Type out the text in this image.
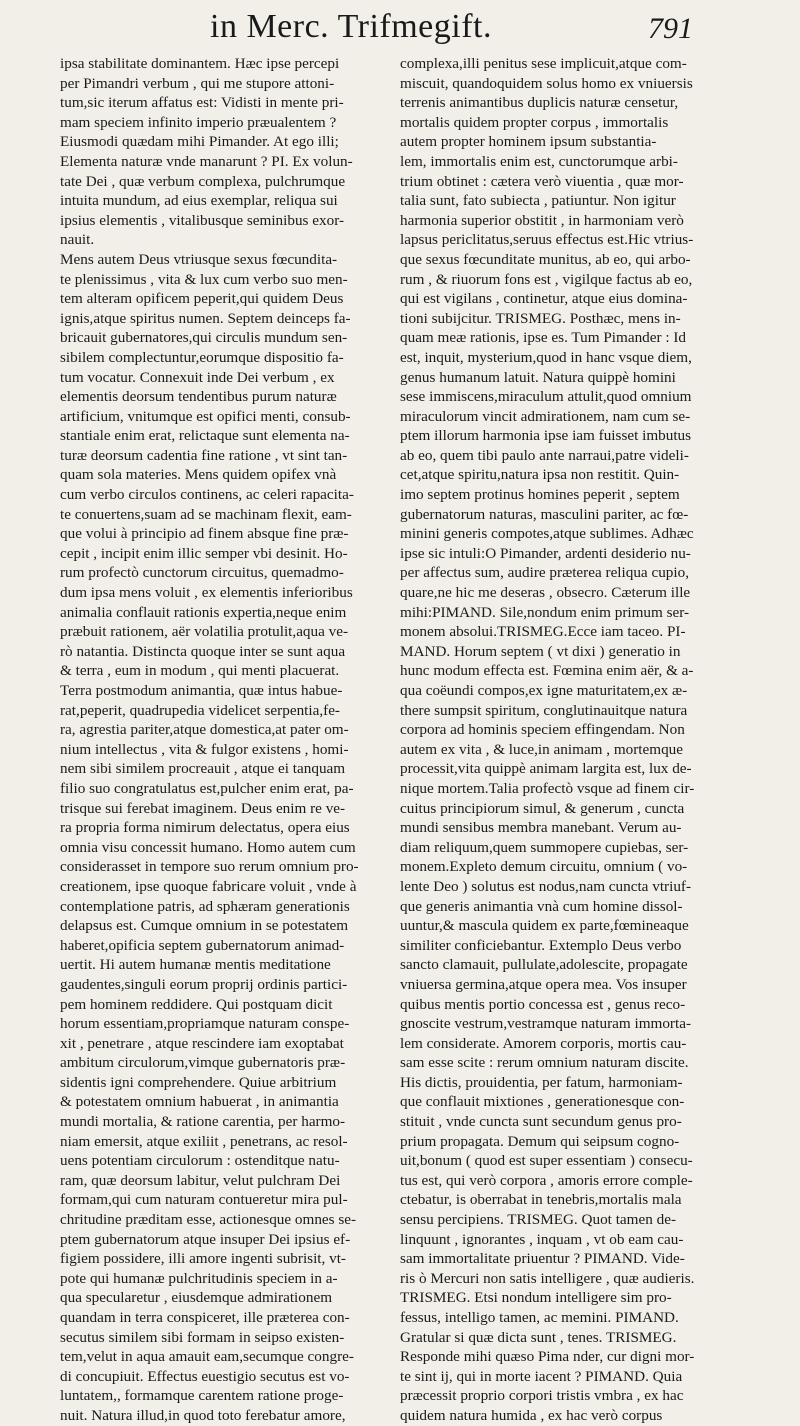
in Merc. Trifmegift.	791
ipsa stabilitate dominantem. Hæc ipse percepi
per Pimandri verbum , qui me stupore attoni-
tum,sic iterum affatus est: Vidisti in mente pri-
mam speciem infinito imperio præualentem ?
Eiusmodi quædam mihi Pimander. At ego illi;
Elementa naturæ vnde manarunt ? PI. Ex volun-
tate Dei , quæ verbum complexa, pulchrumque
intuita mundum, ad eius exemplar, reliqua sui
ipsius elementis , vitalibusque seminibus exor-
nauit.
Mens autem Deus vtriusque sexus fœcundita-
te plenissimus , vita & lux cum verbo suo men-
tem alteram opificem peperit,qui quidem Deus
ignis,atque spiritus numen. Septem deinceps fa-
bricauit gubernatores,qui circulis mundum sen-
sibilem complectuntur,eorumque dispositio fa-
tum vocatur. Connexuit inde Dei verbum , ex
elementis deorsum tendentibus purum naturæ
artificium, vnitumque est opifici menti, consub-
stantiale enim erat, relictaque sunt elementa na-
turæ deorsum cadentia fine ratione , vt sint tan-
quam sola materies. Mens quidem opifex vnà
cum verbo circulos continens, ac celeri rapacita-
te conuertens,suam ad se machinam flexit, eam-
que volui à principio ad finem absque fine præ-
cepit , incipit enim illic semper vbi desinit. Ho-
rum profectò cunctorum circuitus, quemadmo-
dum ipsa mens voluit , ex elementis inferioribus
animalia conflauit rationis expertia,neque enim
præbuit rationem, aër volatilia protulit,aqua ve-
rò natantia. Distincta quoque inter se sunt aqua
& terra , eum in modum , qui menti placuerat.
Terra postmodum animantia, quæ intus habue-
rat,peperit, quadrupedia videlicet serpentia,fe-
ra, agrestia pariter,atque domestica,at pater om-
nium intellectus , vita & fulgor existens , homi-
nem sibi similem procreauit , atque ei tanquam
filio suo congratulatus est,pulcher enim erat, pa-
trisque sui ferebat imaginem. Deus enim re ve-
ra propria forma nimirum delectatus, opera eius
omnia visu concessit humano. Homo autem cum
considerasset in tempore suo rerum omnium pro-
creationem, ipse quoque fabricare voluit , vnde à
contemplatione patris, ad sphæram generationis
delapsus est. Cumque omnium in se potestatem
haberet,opificia septem gubernatorum animad-
uertit. Hi autem humanæ mentis meditatione
gaudentes,singuli eorum proprij ordinis partici-
pem hominem reddidere. Qui postquam dicit
horum essentiam,propriamque naturam conspe-
xit , penetrare , atque rescindere iam exoptabat
ambitum circulorum,vimque gubernatoris præ-
sidentis igni comprehendere. Quiue arbitrium
& potestatem omnium habuerat , in animantia
mundi mortalia, & ratione carentia, per harmo-
niam emersit, atque exiliit , penetrans, ac resol-
uens potentiam circulorum : ostenditque natu-
ram, quæ deorsum labitur, velut pulchram Dei
formam,qui cum naturam contueretur mira pul-
chritudine præditam esse, actionesque omnes se-
ptem gubernatorum atque insuper Dei ipsius ef-
figiem possidere, illi amore ingenti subrisit, vt-
pote qui humanæ pulchritudinis speciem in a-
qua specularetur , eiusdemque admirationem
quandam in terra conspiceret, ille præterea con-
secutus similem sibi formam in seipso existen-
tem,velut in aqua amauit eam,secumque congre-
di concupiuit. Effectus euestigio secutus est vo-
luntatem,, formamque carentem ratione proge-
nuit. Natura illud,in quod toto ferebatur amore,
complexa,illi penitus sese implicuit,atque com-
miscuit, quandoquidem solus homo ex vniuersis
terrenis animantibus duplicis naturæ censetur,
mortalis quidem propter corpus , immortalis
autem propter hominem ipsum substantia-
lem, immortalis enim est, cunctorumque arbi-
trium obtinet : cætera verò viuentia , quæ mor-
talia sunt, fato subiecta , patiuntur. Non igitur
harmonia superior obstitit , in harmoniam verò
lapsus periclitatus,seruus effectus est.Hic vtrius-
que sexus fœcunditate munitus, ab eo, qui arbo-
rum , & riuorum fons est , vigilque factus ab eo,
qui est vigilans , continetur, atque eius domina-
tioni subijcitur. TRISMEG. Posthæc, mens in-
quam meæ rationis, ipse es. Tum Pimander : Id
est, inquit, mysterium,quod in hanc vsque diem,
genus humanum latuit. Natura quippè homini
sese immiscens,miraculum attulit,quod omnium
miraculorum vincit admirationem, nam cum se-
ptem illorum harmonia ipse iam fuisset imbutus
ab eo, quem tibi paulo ante narraui,patre videli-
cet,atque spiritu,natura ipsa non restitit. Quin-
imo septem protinus homines peperit , septem
gubernatorum naturas, masculini pariter, ac fœ-
minini generis compotes,atque sublimes. Adhæc
ipse sic intuli:O Pimander, ardenti desiderio nu-
per affectus sum, audire præterea reliqua cupio,
quare,ne hic me deseras , obsecro. Cæterum ille
mihi:PIMAND. Sile,nondum enim primum ser-
monem absolui.TRISMEG.Ecce iam taceo. PI-
MAND. Horum septem ( vt dixi ) generatio in
hunc modum effecta est. Fœmina enim aër, & a-
qua coëundi compos,ex igne maturitatem,ex æ-
there sumpsit spiritum, conglutinauitque natura
corpora ad hominis speciem effingendam. Non
autem ex vita , & luce,in animam , mortemque
processit,vita quippè animam largita est, lux de-
nique mortem.Talia profectò vsque ad finem cir-
cuitus principiorum simul, & generum , cuncta
mundi sensibus membra manebant. Verum au-
diam reliquum,quem summopere cupiebas, ser-
monem.Expleto demum circuitu, omnium ( vo-
lente Deo ) solutus est nodus,nam cuncta vtriuf-
que generis animantia vnà cum homine dissol-
uuntur,& mascula quidem ex parte,fœmineaque
similiter conficiebantur. Extemplo Deus verbo
sancto clamauit, pullulate,adolescite, propagate
vniuersa germina,atque opera mea. Vos insuper
quibus mentis portio concessa est , genus reco-
gnoscite vestrum,vestramque naturam immorta-
lem considerate. Amorem corporis, mortis cau-
sam esse scite : rerum omnium naturam discite.
His dictis, prouidentia, per fatum, harmoniam-
que conflauit mixtiones , generationesque con-
stituit , vnde cuncta sunt secundum genus pro-
prium propagata. Demum qui seipsum cogno-
uit,bonum ( quod est super essentiam ) consecu-
tus est, qui verò corpora , amoris errore comple-
ctebatur, is oberrabat in tenebris,mortalis mala
sensu percipiens. TRISMEG. Quot tamen de-
linquunt , ignorantes , inquam , vt ob eam cau-
sam immortalitate priuentur ? PIMAND. Vide-
ris ò Mercuri non satis intelligere , quæ audieris.
TRISMEG. Etsi nondum intelligere sim pro-
fessus, intelligo tamen, ac memini. PIMAND.
Gratular si quæ dicta sunt , tenes. TRISMEG.
Responde mihi quæso Pima nder, cur digni mor-
te sint ij, qui in morte iacent ? PIMAND. Quia
præcessit proprio corpori tristis vmbra , ex hac
quidem natura humida , ex hac verò corpus
